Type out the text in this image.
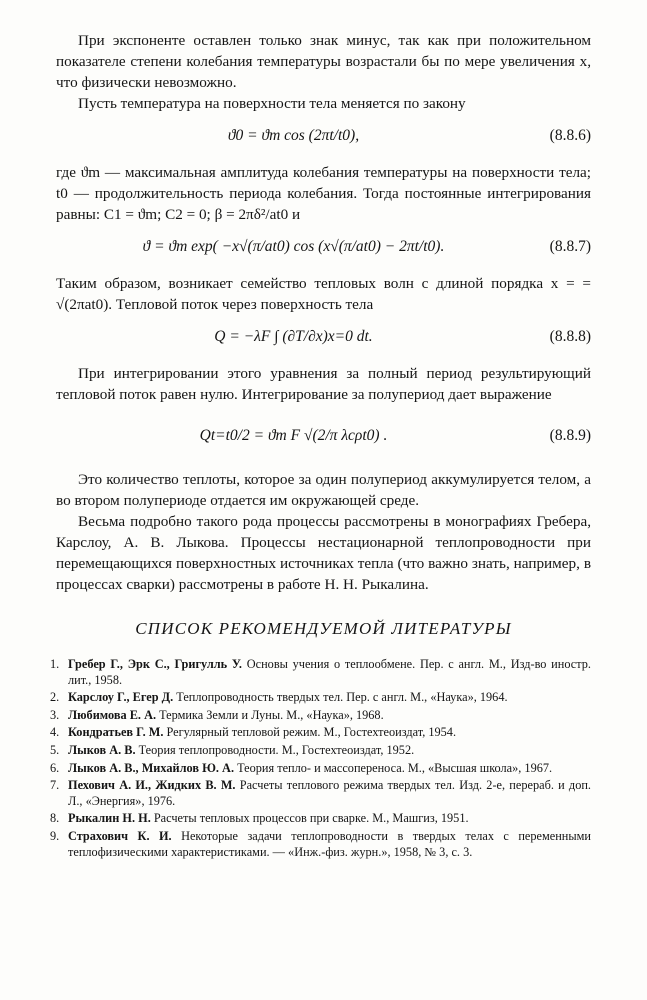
При экспоненте оставлен только знак минус, так как при положительном показателе степени колебания температуры возрастали бы по мере увеличения x, что физически невозможно.

Пусть температура на поверхности тела меняется по закону

ϑ0 = ϑm cos (2πt/t0),	(8.8.6)

где ϑm — максимальная амплитуда колебания температуры на поверхности тела; t0 — продолжительность периода колебания. Тогда постоянные интегрирования равны: C1 = ϑm; C2 = 0; β = 2πδ²/at0 и

ϑ = ϑm exp( −x√(π/at0) cos (x√(π/at0) − 2πt/t0).	(8.8.7)

Таким образом, возникает семейство тепловых волн с длиной порядка x = = √(2πat0). Тепловой поток через поверхность тела

Q = −λF ∫ (∂T/∂x)x=0 dt.	(8.8.8)

При интегрировании этого уравнения за полный период результирующий тепловой поток равен нулю. Интегрирование за полупериод дает выражение

Qt=t0/2 = ϑm F √(2/π λcρt0) .	(8.8.9)

Это количество теплоты, которое за один полупериод аккумулируется телом, а во втором полупериоде отдается им окружающей среде.

Весьма подробно такого рода процессы рассмотрены в монографиях Гребера, Карслоу, А. В. Лыкова. Процессы нестационарной теплопроводности при перемещающихся поверхностных источниках тепла (что важно знать, например, в процессах сварки) рассмотрены в работе Н. Н. Рыкалина.

СПИСОК РЕКОМЕНДУЕМОЙ ЛИТЕРАТУРЫ
1. Гребер Г., Эрк С., Григулль У. Основы учения о теплообмене. Пер. с англ. М., Изд-во иностр. лит., 1958.
2. Карслоу Г., Егер Д. Теплопроводность твердых тел. Пер. с англ. М., «Наука», 1964.
3. Любимова Е. А. Термика Земли и Луны. М., «Наука», 1968.
4. Кондратьев Г. М. Регулярный тепловой режим. М., Гостехтеоиздат, 1954.
5. Лыков А. В. Теория теплопроводности. М., Гостехтеоиздат, 1952.
6. Лыков А. В., Михайлов Ю. А. Теория тепло- и массопереноса. М., «Высшая школа», 1967.
7. Пехович А. И., Жидких В. М. Расчеты теплового режима твердых тел. Изд. 2-е, перераб. и доп. Л., «Энергия», 1976.
8. Рыкалин Н. Н. Расчеты тепловых процессов при сварке. М., Машгиз, 1951.
9. Страхович К. И. Некоторые задачи теплопроводности в твердых телах с переменными теплофизическими характеристиками. — «Инж.-физ. журн.», 1958, № 3, с. 3.
